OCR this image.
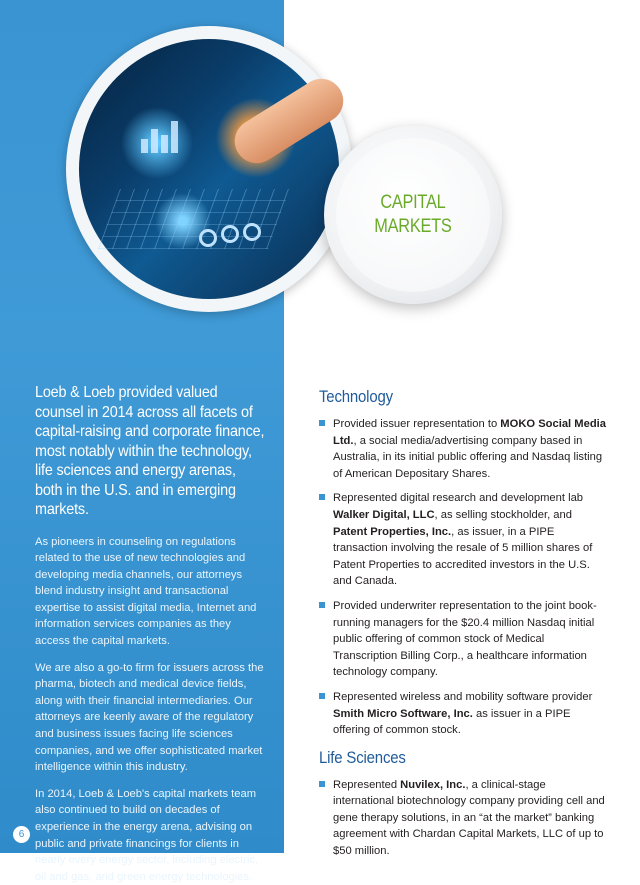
CAPITAL
MARKETS
Loeb & Loeb provided valued counsel in 2014 across all facets of capital-raising and corporate finance, most notably within the technology, life sciences and energy arenas, both in the U.S. and in emerging markets.

As pioneers in counseling on regulations related to the use of new technologies and developing media channels, our attorneys blend industry insight and transactional expertise to assist digital media, Internet and information services companies as they access the capital markets.

We are also a go-to firm for issuers across the pharma, biotech and medical device fields, along with their financial intermediaries. Our attorneys are keenly aware of the regulatory and business issues facing life sciences companies, and we offer sophisticated market intelligence within this industry.

In 2014, Loeb & Loeb's capital markets team also continued to build on decades of experience in the energy arena, advising on public and private financings for clients in nearly every energy sector, including electric, oil and gas, and green energy technologies.

Technology
Provided issuer representation to MOKO Social Media Ltd., a social media/advertising company based in Australia, in its initial public offering and Nasdaq listing of American Depositary Shares.
Represented digital research and development lab Walker Digital, LLC, as selling stockholder, and Patent Properties, Inc., as issuer, in a PIPE transaction involving the resale of 5 million shares of Patent Properties to accredited investors in the U.S. and Canada.
Provided underwriter representation to the joint book-running managers for the $20.4 million Nasdaq initial public offering of common stock of Medical Transcription Billing Corp., a healthcare information technology company.
Represented wireless and mobility software provider Smith Micro Software, Inc. as issuer in a PIPE offering of common stock.
Life Sciences
Represented Nuvilex, Inc., a clinical-stage international biotechnology company providing cell and gene therapy solutions, in an “at the market” banking agreement with Chardan Capital Markets, LLC of up to $50 million.
6
